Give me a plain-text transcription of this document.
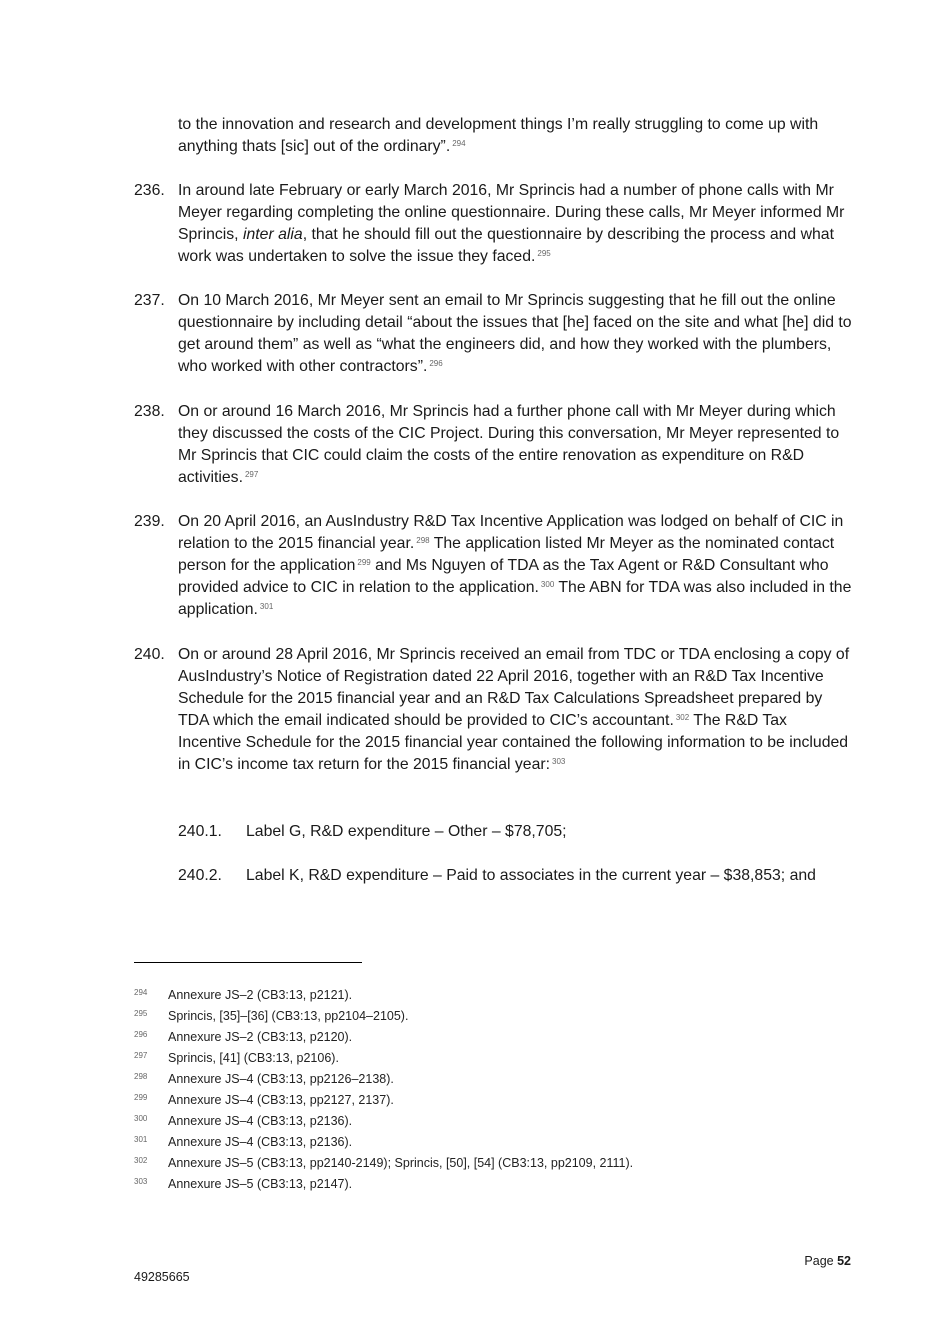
to the innovation and research and development things I’m really struggling to come up with anything thats [sic] out of the ordinary”. $^{294}$
236. In around late February or early March 2016, Mr Sprincis had a number of phone calls with Mr Meyer regarding completing the online questionnaire. During these calls, Mr Meyer informed Mr Sprincis, inter alia, that he should fill out the questionnaire by describing the process and what work was undertaken to solve the issue they faced. $^{295}$
237. On 10 March 2016, Mr Meyer sent an email to Mr Sprincis suggesting that he fill out the online questionnaire by including detail “about the issues that [he] faced on the site and what [he] did to get around them” as well as “what the engineers did, and how they worked with the plumbers, who worked with other contractors”. $^{296}$
238. On or around 16 March 2016, Mr Sprincis had a further phone call with Mr Meyer during which they discussed the costs of the CIC Project. During this conversation, Mr Meyer represented to Mr Sprincis that CIC could claim the costs of the entire renovation as expenditure on R&D activities. $^{297}$
239. On 20 April 2016, an AusIndustry R&D Tax Incentive Application was lodged on behalf of CIC in relation to the 2015 financial year. $^{298}$ The application listed Mr Meyer as the nominated contact person for the application $^{299}$ and Ms Nguyen of TDA as the Tax Agent or R&D Consultant who provided advice to CIC in relation to the application. $^{300}$ The ABN for TDA was also included in the application. $^{301}$
240. On or around 28 April 2016, Mr Sprincis received an email from TDC or TDA enclosing a copy of AusIndustry’s Notice of Registration dated 22 April 2016, together with an R&D Tax Incentive Schedule for the 2015 financial year and an R&D Tax Calculations Spreadsheet prepared by TDA which the email indicated should be provided to CIC’s accountant. $^{302}$ The R&D Tax Incentive Schedule for the 2015 financial year contained the following information to be included in CIC’s income tax return for the 2015 financial year: $^{303}$
240.1.	Label G, R&D expenditure – Other – $78,705;
240.2.	Label K, R&D expenditure – Paid to associates in the current year – $38,853; and
294	Annexure JS–2 (CB3:13, p2121).
295	Sprincis, [35]–[36] (CB3:13, pp2104–2105).
296	Annexure JS–2 (CB3:13, p2120).
297	Sprincis, [41] (CB3:13, p2106).
298	Annexure JS–4 (CB3:13, pp2126–2138).
299	Annexure JS–4 (CB3:13, pp2127, 2137).
300	Annexure JS–4 (CB3:13, p2136).
301	Annexure JS–4 (CB3:13, p2136).
302	Annexure JS–5 (CB3:13, pp2140-2149); Sprincis, [50], [54] (CB3:13, pp2109, 2111).
303	Annexure JS–5 (CB3:13, p2147).
Page 52
49285665
